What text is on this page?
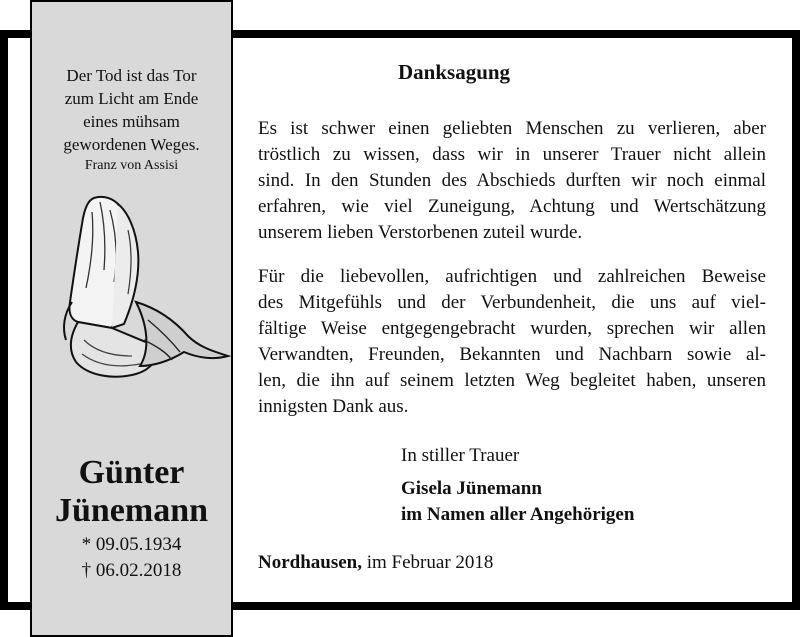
Der Tod ist das Tor
zum Licht am Ende
eines mühsam
gewordenen Weges.
Franz von Assisi
Günter
Jünemann
* 09.05.1934
† 06.02.2018
Danksagung
Es ist schwer einen geliebten Menschen zu verlieren, aber
tröstlich zu wissen, dass wir in unserer Trauer nicht allein
sind. In den Stunden des Abschieds durften wir noch einmal
erfahren, wie viel Zuneigung, Achtung und Wertschätzung
unserem lieben Verstorbenen zuteil wurde.
Für die liebevollen, aufrichtigen und zahlreichen Beweise
des Mitgefühls und der Verbundenheit, die uns auf viel-
fältige Weise entgegengebracht wurden, sprechen wir allen
Verwandten, Freunden, Bekannten und Nachbarn sowie al-
len, die ihn auf seinem letzten Weg begleitet haben, unseren
innigsten Dank aus.
In stiller Trauer
Gisela Jünemann
im Namen aller Angehörigen
Nordhausen, im Februar 2018
